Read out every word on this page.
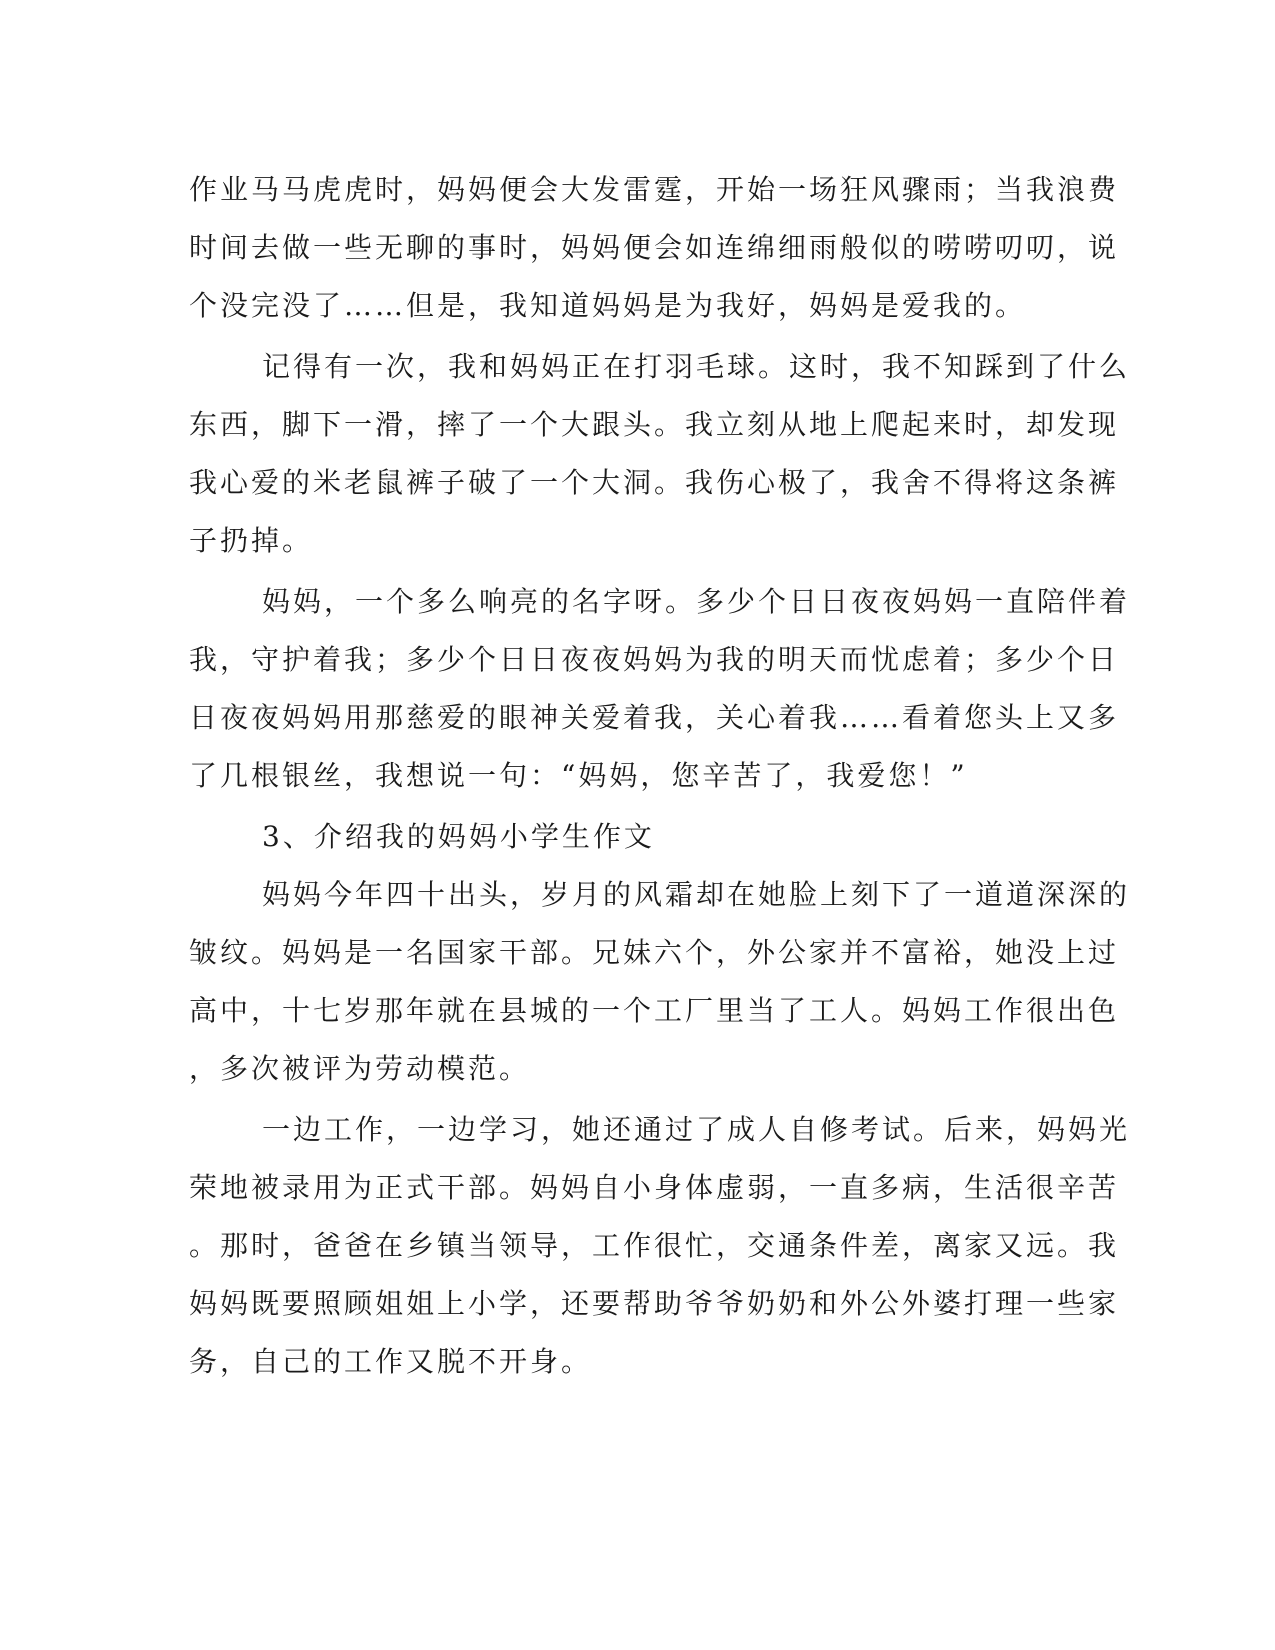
作业马马虎虎时，妈妈便会大发雷霆，开始一场狂风骤雨；当我浪费
时间去做一些无聊的事时，妈妈便会如连绵细雨般似的唠唠叨叨，说
个没完没了……但是，我知道妈妈是为我好，妈妈是爱我的。
记得有一次，我和妈妈正在打羽毛球。这时，我不知踩到了什么
东西，脚下一滑，摔了一个大跟头。我立刻从地上爬起来时，却发现
我心爱的米老鼠裤子破了一个大洞。我伤心极了，我舍不得将这条裤
子扔掉。
妈妈，一个多么响亮的名字呀。多少个日日夜夜妈妈一直陪伴着
我，守护着我；多少个日日夜夜妈妈为我的明天而忧虑着；多少个日
日夜夜妈妈用那慈爱的眼神关爱着我，关心着我……看着您头上又多
了几根银丝，我想说一句：“妈妈，您辛苦了，我爱您！”
3、介绍我的妈妈小学生作文
妈妈今年四十出头，岁月的风霜却在她脸上刻下了一道道深深的
皱纹。妈妈是一名国家干部。兄妹六个，外公家并不富裕，她没上过
高中，十七岁那年就在县城的一个工厂里当了工人。妈妈工作很出色
，多次被评为劳动模范。
一边工作，一边学习，她还通过了成人自修考试。后来，妈妈光
荣地被录用为正式干部。妈妈自小身体虚弱，一直多病，生活很辛苦
。那时，爸爸在乡镇当领导，工作很忙，交通条件差，离家又远。我
妈妈既要照顾姐姐上小学，还要帮助爷爷奶奶和外公外婆打理一些家
务，自己的工作又脱不开身。
